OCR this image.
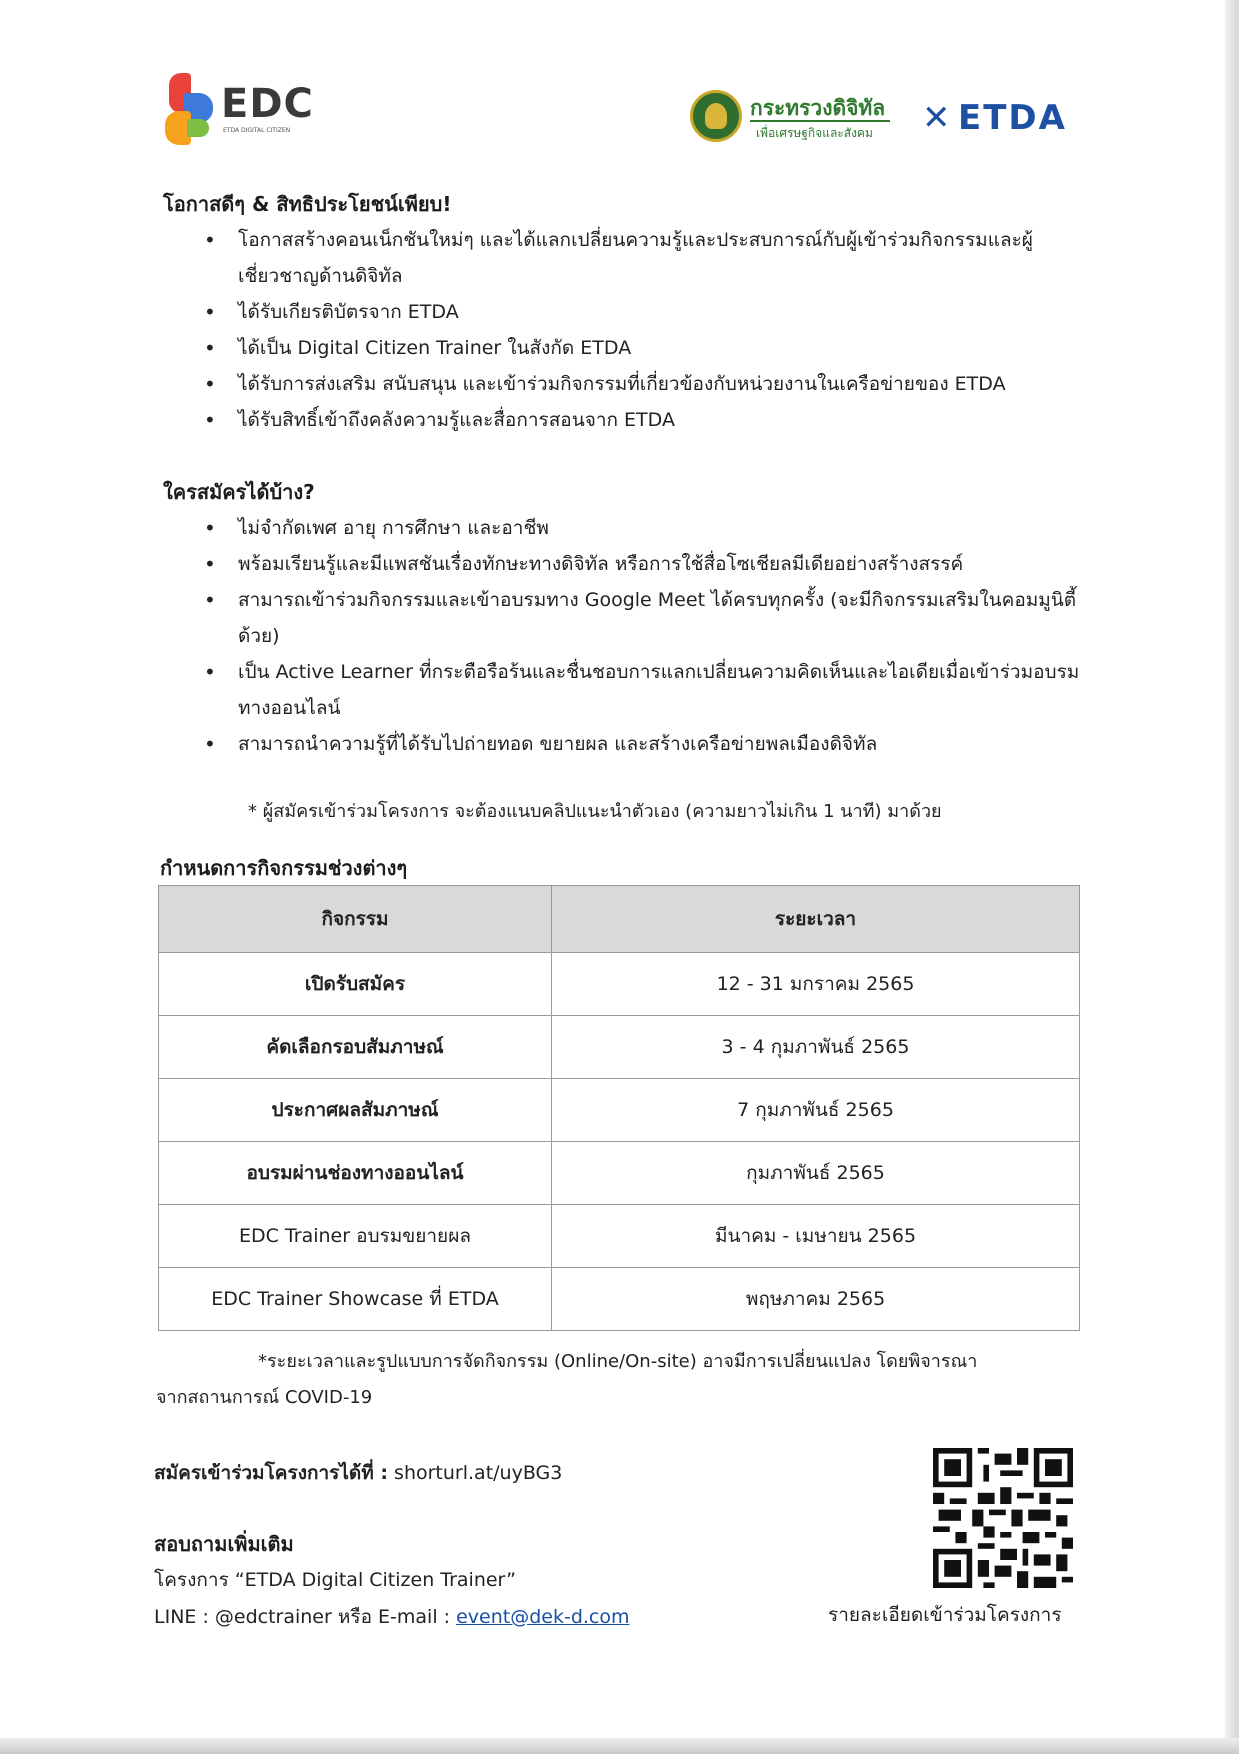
EDC
ETDA DIGITAL CITIZEN
กระทรวงดิจิทัล
เพื่อเศรษฐกิจและสังคม ✕ ETDA
โอกาสดีๆ & สิทธิประโยชน์เพียบ!
• โอกาสสร้างคอนเน็กชันใหม่ๆ และได้แลกเปลี่ยนความรู้และประสบการณ์กับผู้เข้าร่วมกิจกรรมและผู้เชี่ยวชาญด้านดิจิทัล
• ได้รับเกียรติบัตรจาก ETDA
• ได้เป็น Digital Citizen Trainer ในสังกัด ETDA
• ได้รับการส่งเสริม สนับสนุน และเข้าร่วมกิจกรรมที่เกี่ยวข้องกับหน่วยงานในเครือข่ายของ ETDA
• ได้รับสิทธิ์เข้าถึงคลังความรู้และสื่อการสอนจาก ETDA
ใครสมัครได้บ้าง?
• ไม่จำกัดเพศ อายุ การศึกษา และอาชีพ
• พร้อมเรียนรู้และมีแพสชันเรื่องทักษะทางดิจิทัล หรือการใช้สื่อโซเชียลมีเดียอย่างสร้างสรรค์
• สามารถเข้าร่วมกิจกรรมและเข้าอบรมทาง Google Meet ได้ครบทุกครั้ง (จะมีกิจกรรมเสริมในคอมมูนิตี้ด้วย)
• เป็น Active Learner ที่กระตือรือร้นและชื่นชอบการแลกเปลี่ยนความคิดเห็นและไอเดียเมื่อเข้าร่วมอบรมทางออนไลน์
• สามารถนำความรู้ที่ได้รับไปถ่ายทอด ขยายผล และสร้างเครือข่ายพลเมืองดิจิทัล
* ผู้สมัครเข้าร่วมโครงการ จะต้องแนบคลิปแนะนำตัวเอง (ความยาวไม่เกิน 1 นาที) มาด้วย
กำหนดการกิจกรรมช่วงต่างๆ
กิจกรรม	ระยะเวลา
เปิดรับสมัคร	12 - 31 มกราคม 2565
คัดเลือกรอบสัมภาษณ์	3 - 4 กุมภาพันธ์ 2565
ประกาศผลสัมภาษณ์	7 กุมภาพันธ์ 2565
อบรมผ่านช่องทางออนไลน์	กุมภาพันธ์ 2565
EDC Trainer อบรมขยายผล	มีนาคม - เมษายน 2565
EDC Trainer Showcase ที่ ETDA	พฤษภาคม 2565
*ระยะเวลาและรูปแบบการจัดกิจกรรม (Online/On-site) อาจมีการเปลี่ยนแปลง โดยพิจารณา
จากสถานการณ์ COVID-19
สมัครเข้าร่วมโครงการได้ที่ : shorturl.at/uyBG3
สอบถามเพิ่มเติม
โครงการ “ETDA Digital Citizen Trainer”
LINE : @edctrainer หรือ E-mail : event@dek-d.com	รายละเอียดเข้าร่วมโครงการ
